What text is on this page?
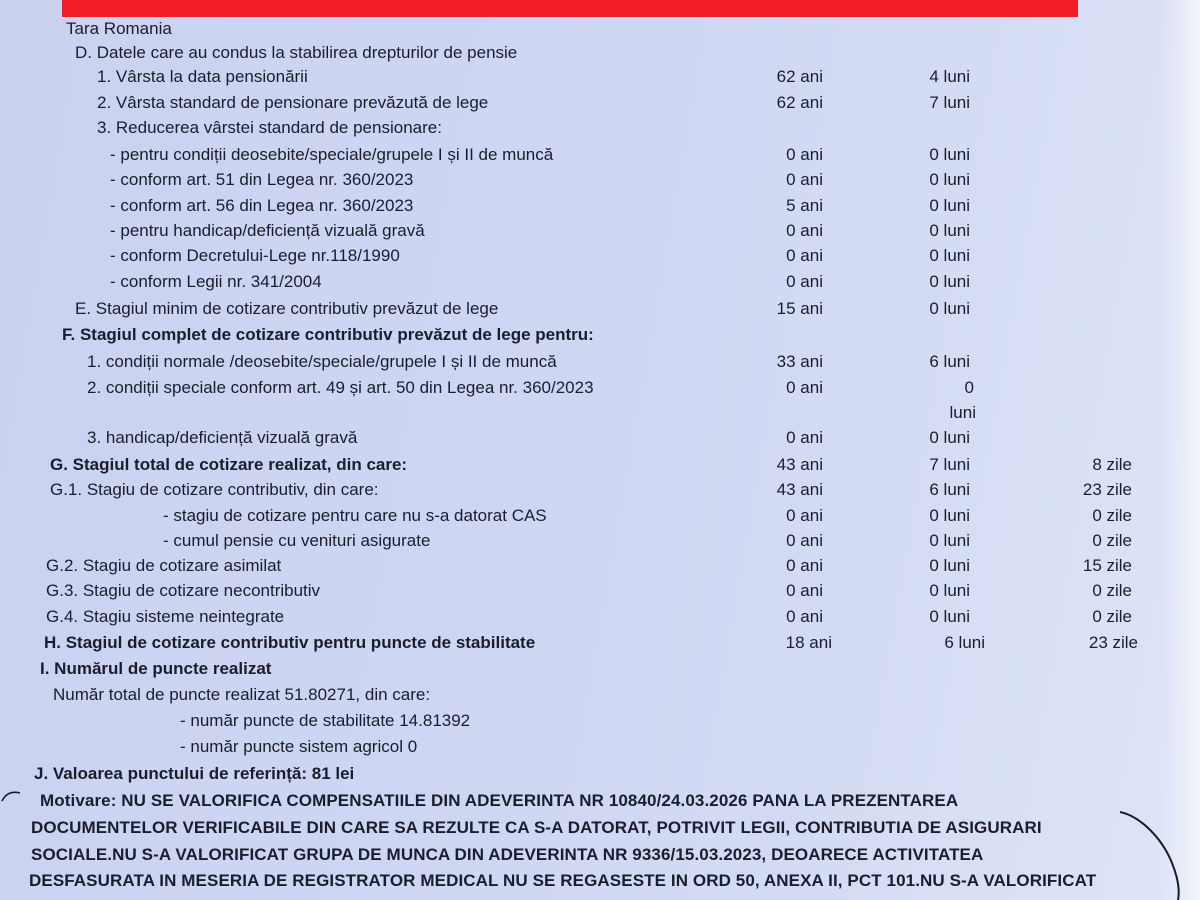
Tara Romania
D. Datele care au condus la stabilirea drepturilor de pensie
1. Vârsta la data pensionării	62 ani	4 luni
2. Vârsta standard de pensionare prevăzută de lege	62 ani	7 luni
3. Reducerea vârstei standard de pensionare:
- pentru condiții deosebite/speciale/grupele I și II de muncă	0 ani	0 luni
- conform art. 51 din Legea nr. 360/2023	0 ani	0 luni
- conform art. 56 din Legea nr. 360/2023	5 ani	0 luni
- pentru handicap/deficiență vizuală gravă	0 ani	0 luni
- conform Decretului-Lege nr.118/1990	0 ani	0 luni
- conform Legii nr. 341/2004	0 ani	0 luni
E. Stagiul minim de cotizare contributiv prevăzut de lege	15 ani	0 luni
F. Stagiul complet de cotizare contributiv prevăzut de lege pentru:
1. condiții normale /deosebite/speciale/grupele I și II de muncă	33 ani	6 luni
2. condiții speciale conform art. 49 și art. 50 din Legea nr. 360/2023	0 ani	0
luni
3. handicap/deficiență vizuală gravă	0 ani	0 luni
G. Stagiul total de cotizare realizat, din care:	43 ani	7 luni	8 zile
G.1. Stagiu de cotizare contributiv, din care:	43 ani	6 luni	23 zile
- stagiu de cotizare pentru care nu s-a datorat CAS	0 ani	0 luni	0 zile
- cumul pensie cu venituri asigurate	0 ani	0 luni	0 zile
G.2. Stagiu de cotizare asimilat	0 ani	0 luni	15 zile
G.3. Stagiu de cotizare necontributiv	0 ani	0 luni	0 zile
G.4. Stagiu sisteme neintegrate	0 ani	0 luni	0 zile
H. Stagiul de cotizare contributiv pentru puncte de stabilitate	18 ani	6 luni	23 zile
I. Numărul de puncte realizat
Număr total de puncte realizat 51.80271, din care:
- număr puncte de stabilitate 14.81392
- număr puncte sistem agricol 0
J. Valoarea punctului de referință: 81 lei
Motivare: NU SE VALORIFICA COMPENSATIILE DIN ADEVERINTA NR 10840/24.03.2026 PANA LA PREZENTAREA
DOCUMENTELOR VERIFICABILE DIN CARE SA REZULTE CA S-A DATORAT, POTRIVIT LEGII, CONTRIBUTIA DE ASIGURARI
SOCIALE.NU S-A VALORIFICAT GRUPA DE MUNCA DIN ADEVERINTA NR 9336/15.03.2023, DEOARECE ACTIVITATEA
DESFASURATA IN MESERIA DE REGISTRATOR MEDICAL NU SE REGASESTE IN ORD 50, ANEXA II, PCT 101.NU S-A VALORIFICAT
